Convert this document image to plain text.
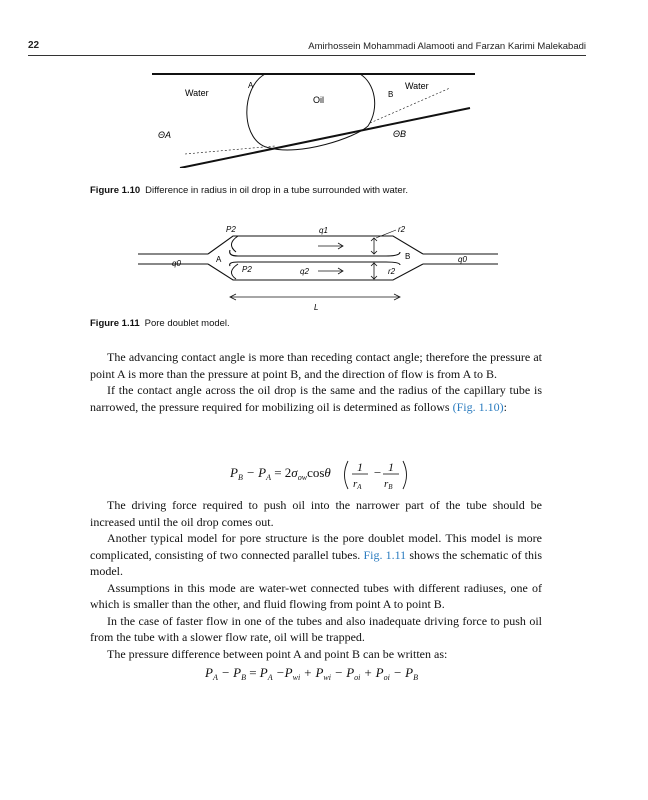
22	Amirhossein Mohammadi Alamooti and Farzan Karimi Malekabadi
Water
A
Oil
B
Water
ΘA	ΘB
Figure 1.10 Difference in radius in oil drop in a tube surrounded with water.
P2	q1	r2
q0	A	B	q0
P2	q2	r2
L
Figure 1.11 Pore doublet model.

The advancing contact angle is more than receding contact angle; therefore the pressure at point A is more than the pressure at point B, and the direction of flow is from A to B.

If the contact angle across the oil drop is the same and the radius of the capillary tube is narrowed, the pressure required for mobilizing oil is determined as follows (Fig. 1.10):

$P_B - P_A = 2\sigma_{ow}\cos\theta$ 1
rA
− 1
rB

The driving force required to push oil into the narrower part of the tube should be increased until the oil drop comes out.

Another typical model for pore structure is the pore doublet model. This model is more complicated, consisting of two connected parallel tubes. Fig. 1.11 shows the schematic of this model.

Assumptions in this mode are water-wet connected tubes with different radiuses, one of which is smaller than the other, and fluid flowing from point A to point B.

In the case of faster flow in one of the tubes and also inadequate driving force to push oil from the tube with a slower flow rate, oil will be trapped.

The pressure difference between point A and point B can be written as:

$P_A - P_B = P_A -P_{wi} + P_{wi} - P_{oi} + P_{oi} - P_B$
